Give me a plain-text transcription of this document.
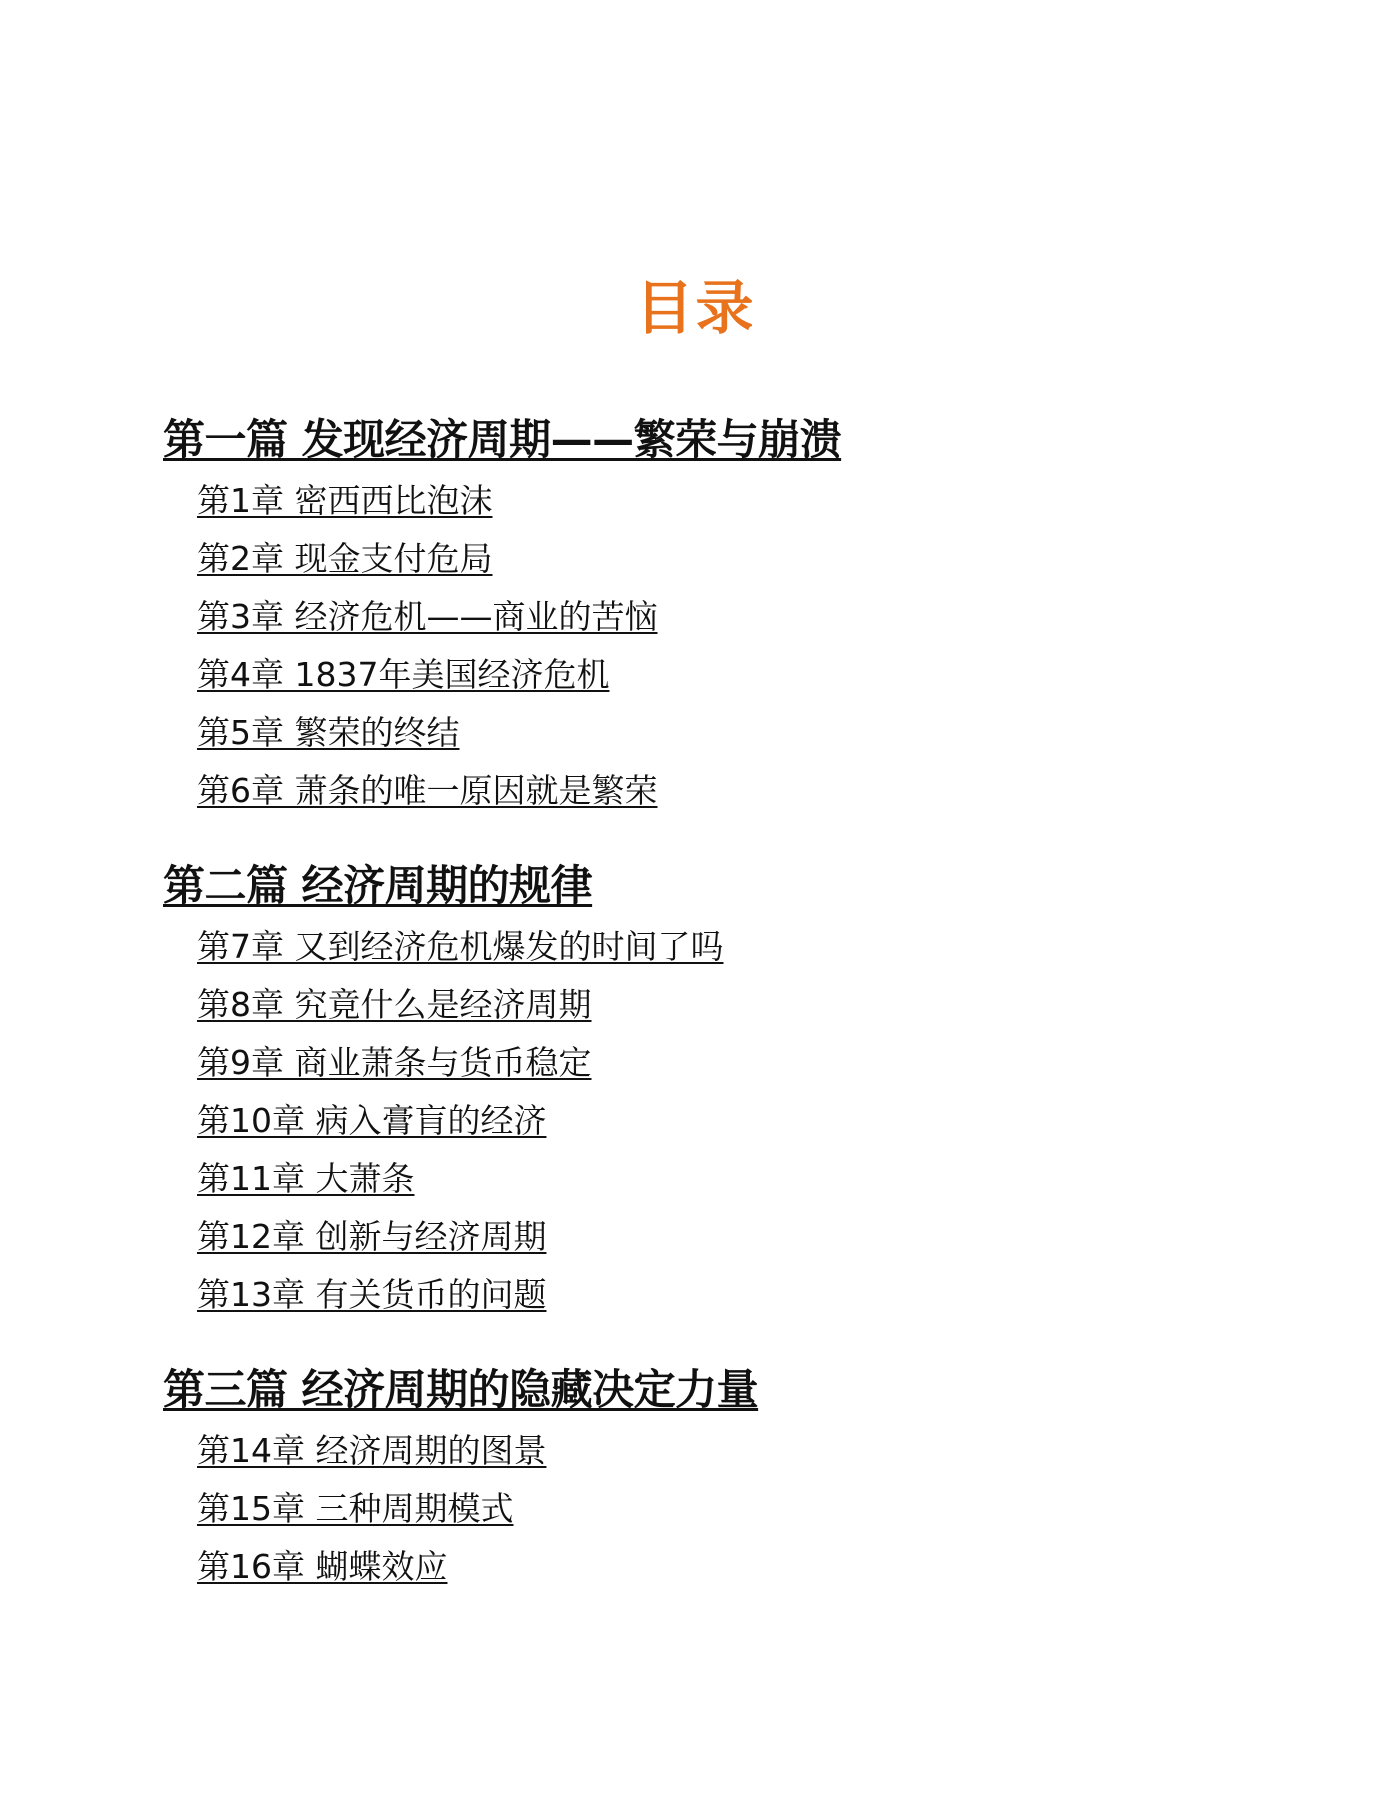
目录
第一篇 发现经济周期——繁荣与崩溃
第1章 密西西比泡沫
第2章 现金支付危局
第3章 经济危机——商业的苦恼
第4章 1837年美国经济危机
第5章 繁荣的终结
第6章 萧条的唯一原因就是繁荣
第二篇 经济周期的规律
第7章 又到经济危机爆发的时间了吗
第8章 究竟什么是经济周期
第9章 商业萧条与货币稳定
第10章 病入膏肓的经济
第11章 大萧条
第12章 创新与经济周期
第13章 有关货币的问题
第三篇 经济周期的隐藏决定力量
第14章 经济周期的图景
第15章 三种周期模式
第16章 蝴蝶效应
